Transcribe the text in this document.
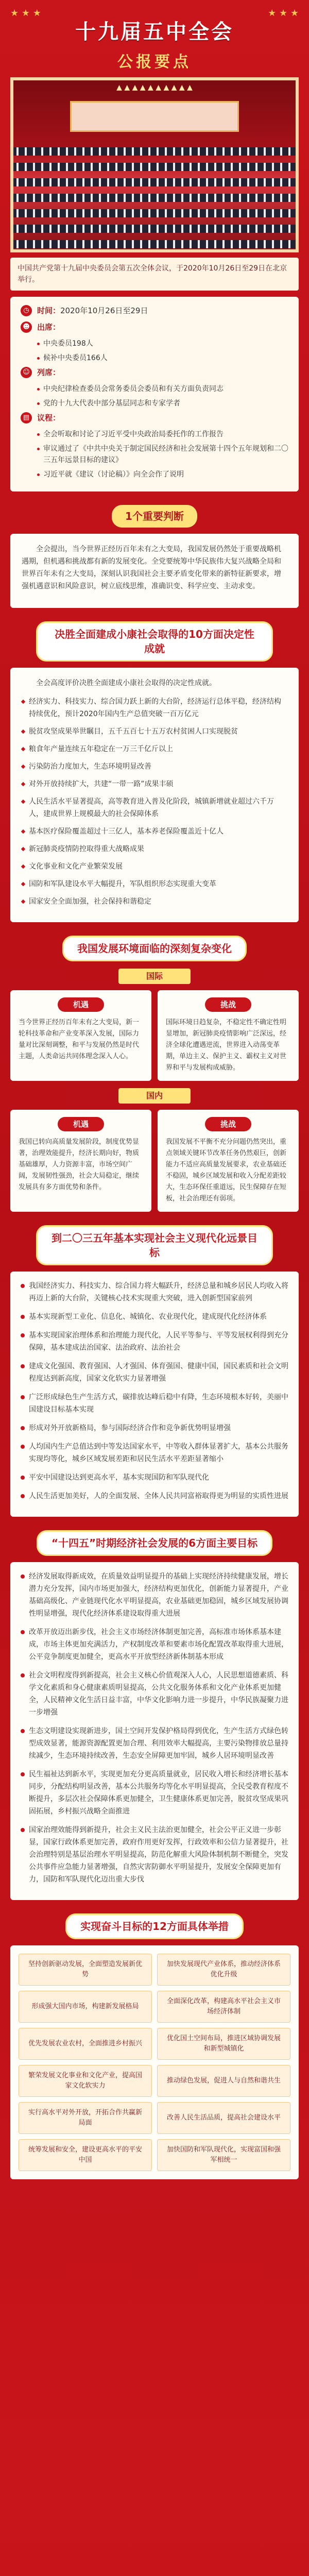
★ ★ ★	★ ★ ★
十九届五中全会
公报要点
▲ ▲ ▲ ▲ ▲ ▲ ▲ ▲ ▲ ▲
中国共产党第十九届中央委员会第五次全体会议，于2020年10月26日至29日在北京举行。
◷	时间： 2020年10月26日至29日
☻ 出席：
中央委员198人
候补中央委员166人
☺ 列席：
中央纪律检查委员会常务委员会委员和有关方面负责同志
党的十九大代表中部分基层同志和专家学者
▤ 议程：
全会听取和讨论了习近平受中央政治局委托作的工作报告
审议通过了《中共中央关于制定国民经济和社会发展第十四个五年规划和二〇三五年远景目标的建议》
习近平就《建议（讨论稿）》向全会作了说明
1个重要判断

全会提出，当今世界正经历百年未有之大变局，我国发展仍然处于重要战略机遇期，但机遇和挑战都有新的发展变化。全党要统筹中华民族伟大复兴战略全局和世界百年未有之大变局，深刻认识我国社会主要矛盾变化带来的新特征新要求，增强机遇意识和风险意识，树立底线思维，准确识变、科学应变、主动求变。

决胜全面建成小康社会取得的10方面决定性成就

全会高度评价决胜全面建成小康社会取得的决定性成就。

经济实力、科技实力、综合国力跃上新的大台阶，经济运行总体平稳，经济结构持续优化，预计2020年国内生产总值突破一百万亿元
脱贫攻坚成果举世瞩目，五千五百七十五万农村贫困人口实现脱贫
粮食年产量连续五年稳定在一万三千亿斤以上
污染防治力度加大，生态环境明显改善
对外开放持续扩大，共建“一带一路”成果丰硕
人民生活水平显著提高，高等教育进入普及化阶段，城镇新增就业超过六千万人，建成世界上规模最大的社会保障体系
基本医疗保险覆盖超过十三亿人，基本养老保险覆盖近十亿人
新冠肺炎疫情防控取得重大战略成果
文化事业和文化产业繁荣发展
国防和军队建设水平大幅提升，军队组织形态实现重大变革
国家安全全面加强，社会保持和谐稳定
我国发展环境面临的深刻复杂变化
国际
机遇
当今世界正经历百年未有之大变局，新一轮科技革命和产业变革深入发展，国际力量对比深刻调整，和平与发展仍然是时代主题，人类命运共同体理念深入人心。
挑战
国际环境日趋复杂，不稳定性不确定性明显增加，新冠肺炎疫情影响广泛深远，经济全球化遭遇逆流，世界进入动荡变革期，单边主义、保护主义、霸权主义对世界和平与发展构成威胁。
国内
机遇
我国已转向高质量发展阶段，制度优势显著，治理效能提升，经济长期向好，物质基础雄厚，人力资源丰富，市场空间广阔，发展韧性强劲，社会大局稳定，继续发展具有多方面优势和条件。
挑战
我国发展不平衡不充分问题仍然突出，重点领域关键环节改革任务仍然艰巨，创新能力不适应高质量发展要求，农业基础还不稳固，城乡区域发展和收入分配差距较大，生态环保任重道远，民生保障存在短板，社会治理还有弱项。
到二〇三五年基本实现社会主义现代化远景目标
我国经济实力、科技实力、综合国力将大幅跃升，经济总量和城乡居民人均收入将再迈上新的大台阶，关键核心技术实现重大突破，进入创新型国家前列
基本实现新型工业化、信息化、城镇化、农业现代化，建成现代化经济体系
基本实现国家治理体系和治理能力现代化，人民平等参与、平等发展权利得到充分保障，基本建成法治国家、法治政府、法治社会
建成文化强国、教育强国、人才强国、体育强国、健康中国，国民素质和社会文明程度达到新高度，国家文化软实力显著增强
广泛形成绿色生产生活方式，碳排放达峰后稳中有降，生态环境根本好转，美丽中国建设目标基本实现
形成对外开放新格局，参与国际经济合作和竞争新优势明显增强
人均国内生产总值达到中等发达国家水平，中等收入群体显著扩大，基本公共服务实现均等化，城乡区域发展差距和居民生活水平差距显著缩小
平安中国建设达到更高水平，基本实现国防和军队现代化
人民生活更加美好，人的全面发展、全体人民共同富裕取得更为明显的实质性进展
“十四五”时期经济社会发展的6方面主要目标
经济发展取得新成效，在质量效益明显提升的基础上实现经济持续健康发展，增长潜力充分发挥，国内市场更加强大，经济结构更加优化，创新能力显著提升，产业基础高级化、产业链现代化水平明显提高，农业基础更加稳固，城乡区域发展协调性明显增强，现代化经济体系建设取得重大进展
改革开放迈出新步伐，社会主义市场经济体制更加完善，高标准市场体系基本建成，市场主体更加充满活力，产权制度改革和要素市场化配置改革取得重大进展，公平竞争制度更加健全，更高水平开放型经济新体制基本形成
社会文明程度得到新提高，社会主义核心价值观深入人心，人民思想道德素质、科学文化素质和身心健康素质明显提高，公共文化服务体系和文化产业体系更加健全，人民精神文化生活日益丰富，中华文化影响力进一步提升，中华民族凝聚力进一步增强
生态文明建设实现新进步，国土空间开发保护格局得到优化，生产生活方式绿色转型成效显著，能源资源配置更加合理、利用效率大幅提高，主要污染物排放总量持续减少，生态环境持续改善，生态安全屏障更加牢固，城乡人居环境明显改善
民生福祉达到新水平，实现更加充分更高质量就业，居民收入增长和经济增长基本同步，分配结构明显改善，基本公共服务均等化水平明显提高，全民受教育程度不断提升，多层次社会保障体系更加健全，卫生健康体系更加完善，脱贫攻坚成果巩固拓展，乡村振兴战略全面推进
国家治理效能得到新提升，社会主义民主法治更加健全，社会公平正义进一步彰显，国家行政体系更加完善，政府作用更好发挥，行政效率和公信力显著提升，社会治理特别是基层治理水平明显提高，防范化解重大风险体制机制不断健全，突发公共事件应急能力显著增强，自然灾害防御水平明显提升，发展安全保障更加有力，国防和军队现代化迈出重大步伐
实现奋斗目标的12方面具体举措
坚持创新驱动发展，全面塑造发展新优势
加快发展现代产业体系，推动经济体系优化升级
形成强大国内市场，构建新发展格局
全面深化改革，构建高水平社会主义市场经济体制
优先发展农业农村，全面推进乡村振兴
优化国土空间布局，推进区域协调发展和新型城镇化
繁荣发展文化事业和文化产业，提高国家文化软实力
推动绿色发展，促进人与自然和谐共生
实行高水平对外开放，开拓合作共赢新局面
改善人民生活品质，提高社会建设水平
统筹发展和安全，建设更高水平的平安中国
加快国防和军队现代化，实现富国和强军相统一
